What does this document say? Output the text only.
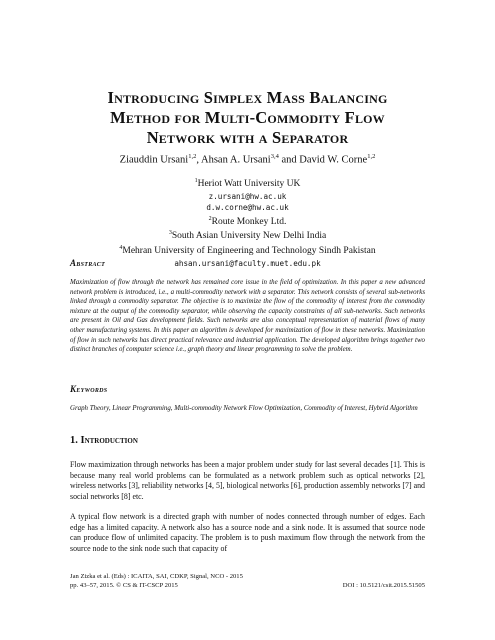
Introducing Simplex Mass Balancing
Method for Multi-Commodity Flow
Network with a Separator
Ziauddin Ursani$^{1,2}$, Ahsan A. Ursani$^{3,4}$ and David W. Corne$^{1,2}$
$^1$Heriot Watt University UK
z.ursani@hw.ac.uk
d.w.corne@hw.ac.uk
$^2$Route Monkey Ltd.
$^3$South Asian University New Delhi India
$^4$Mehran University of Engineering and Technology Sindh Pakistan
ahsan.ursani@faculty.muet.edu.pk
Abstract

Maximization of flow through the network has remained core issue in the field of optimization. In this paper a new advanced network problem is introduced, i.e., a multi-commodity network with a separator. This network consists of several sub-networks linked through a commodity separator. The objective is to maximize the flow of the commodity of interest from the commodity mixture at the output of the commodity separator, while observing the capacity constraints of all sub-networks. Such networks are present in Oil and Gas development fields. Such networks are also conceptual representation of material flows of many other manufacturing systems. In this paper an algorithm is developed for maximization of flow in these networks. Maximization of flow in such networks has direct practical relevance and industrial application. The developed algorithm brings together two distinct branches of computer science i.e., graph theory and linear programming to solve the problem.

Keywords

Graph Theory, Linear Programming, Multi-commodity Network Flow Optimization, Commodity of Interest, Hybrid Algorithm

1. Introduction

Flow maximization through networks has been a major problem under study for last several decades [1]. This is because many real world problems can be formulated as a network problem such as optical networks [2], wireless networks [3], reliability networks [4, 5], biological networks [6], production assembly networks [7] and social networks [8] etc.

A typical flow network is a directed graph with number of nodes connected through number of edges. Each edge has a limited capacity. A network also has a source node and a sink node. It is assumed that source node can produce flow of unlimited capacity. The problem is to push maximum flow through the network from the source node to the sink node such that capacity of

Jan Zizka et al. (Eds) : ICAITA, SAI, CDKP, Signal, NCO - 2015
pp. 43–57, 2015. © CS & IT-CSCP 2015	DOI : 10.5121/csit.2015.51505
